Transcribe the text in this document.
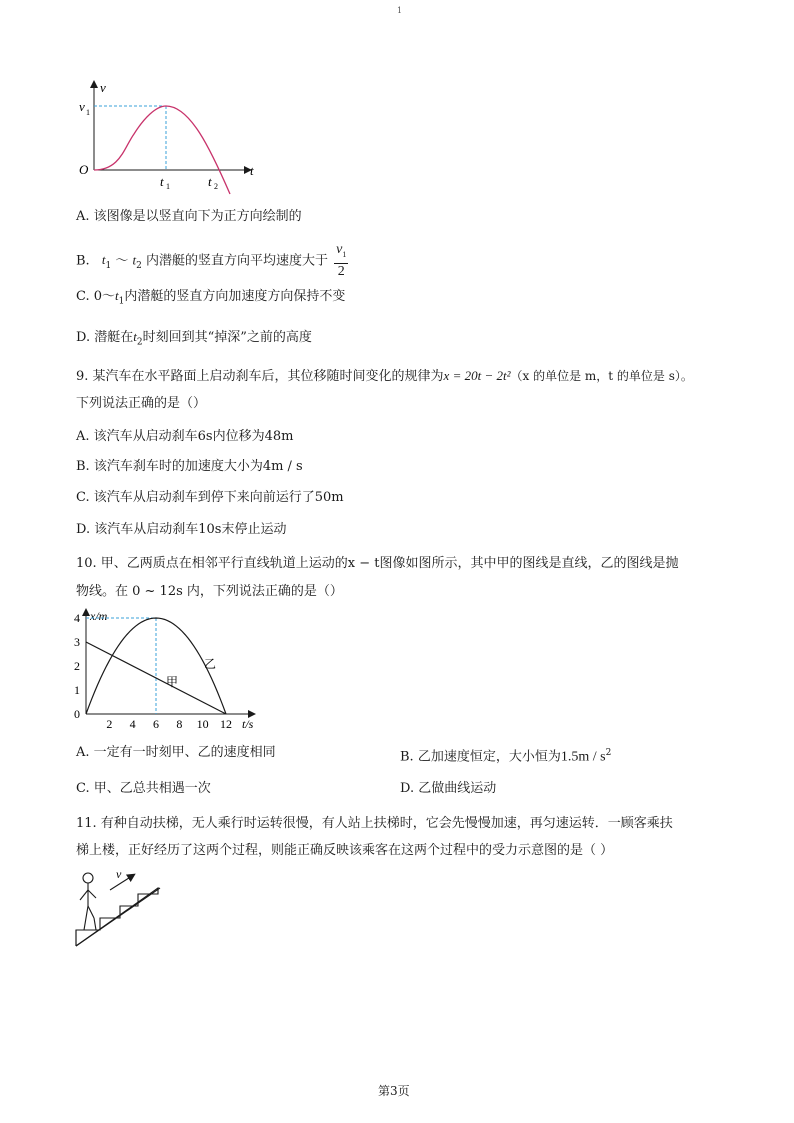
1
v
t
O
v 1
t 1	t 2
A. 该图像是以竖直向下为正方向绘制的
B. $t_1$ ～ $t_2$ 内潜艇的竖直方向平均速度大于 $\frac{v_1}{2}$
C. $0\sim t_1$内潜艇的竖直方向加速度方向保持不变
D. 潜艇在$t_2$时刻回到其“掉深”之前的高度
9. 某汽车在水平路面上启动刹车后，其位移随时间变化的规律为x = 20t − 2t²（x 的单位是 m，t 的单位是 s）。
下列说法正确的是（）
A. 该汽车从启动刹车6s内位移为48m
B. 该汽车刹车时的加速度大小为4m / s
C. 该汽车从启动刹车到停下来向前运行了50m
D. 该汽车从启动刹车10s末停止运动
10. 甲、乙两质点在相邻平行直线轨道上运动的x − t图像如图所示，其中甲的图线是直线，乙的图线是抛
物线。在 0 ~ 12s 内，下列说法正确的是（）
x/m
t/s
甲
乙
2 4 6 8 10 12
0
1
2
3
4
A. 一定有一时刻甲、乙的速度相同	B. 乙加速度恒定，大小恒为$1.5m / s^2$
C. 甲、乙总共相遇一次	D. 乙做曲线运动
11. 有种自动扶梯，无人乘行时运转很慢，有人站上扶梯时，它会先慢慢加速，再匀速运转．一顾客乘扶
梯上楼，正好经历了这两个过程，则能正确反映该乘客在这两个过程中的受力示意图的是（ ）
v
第3页
